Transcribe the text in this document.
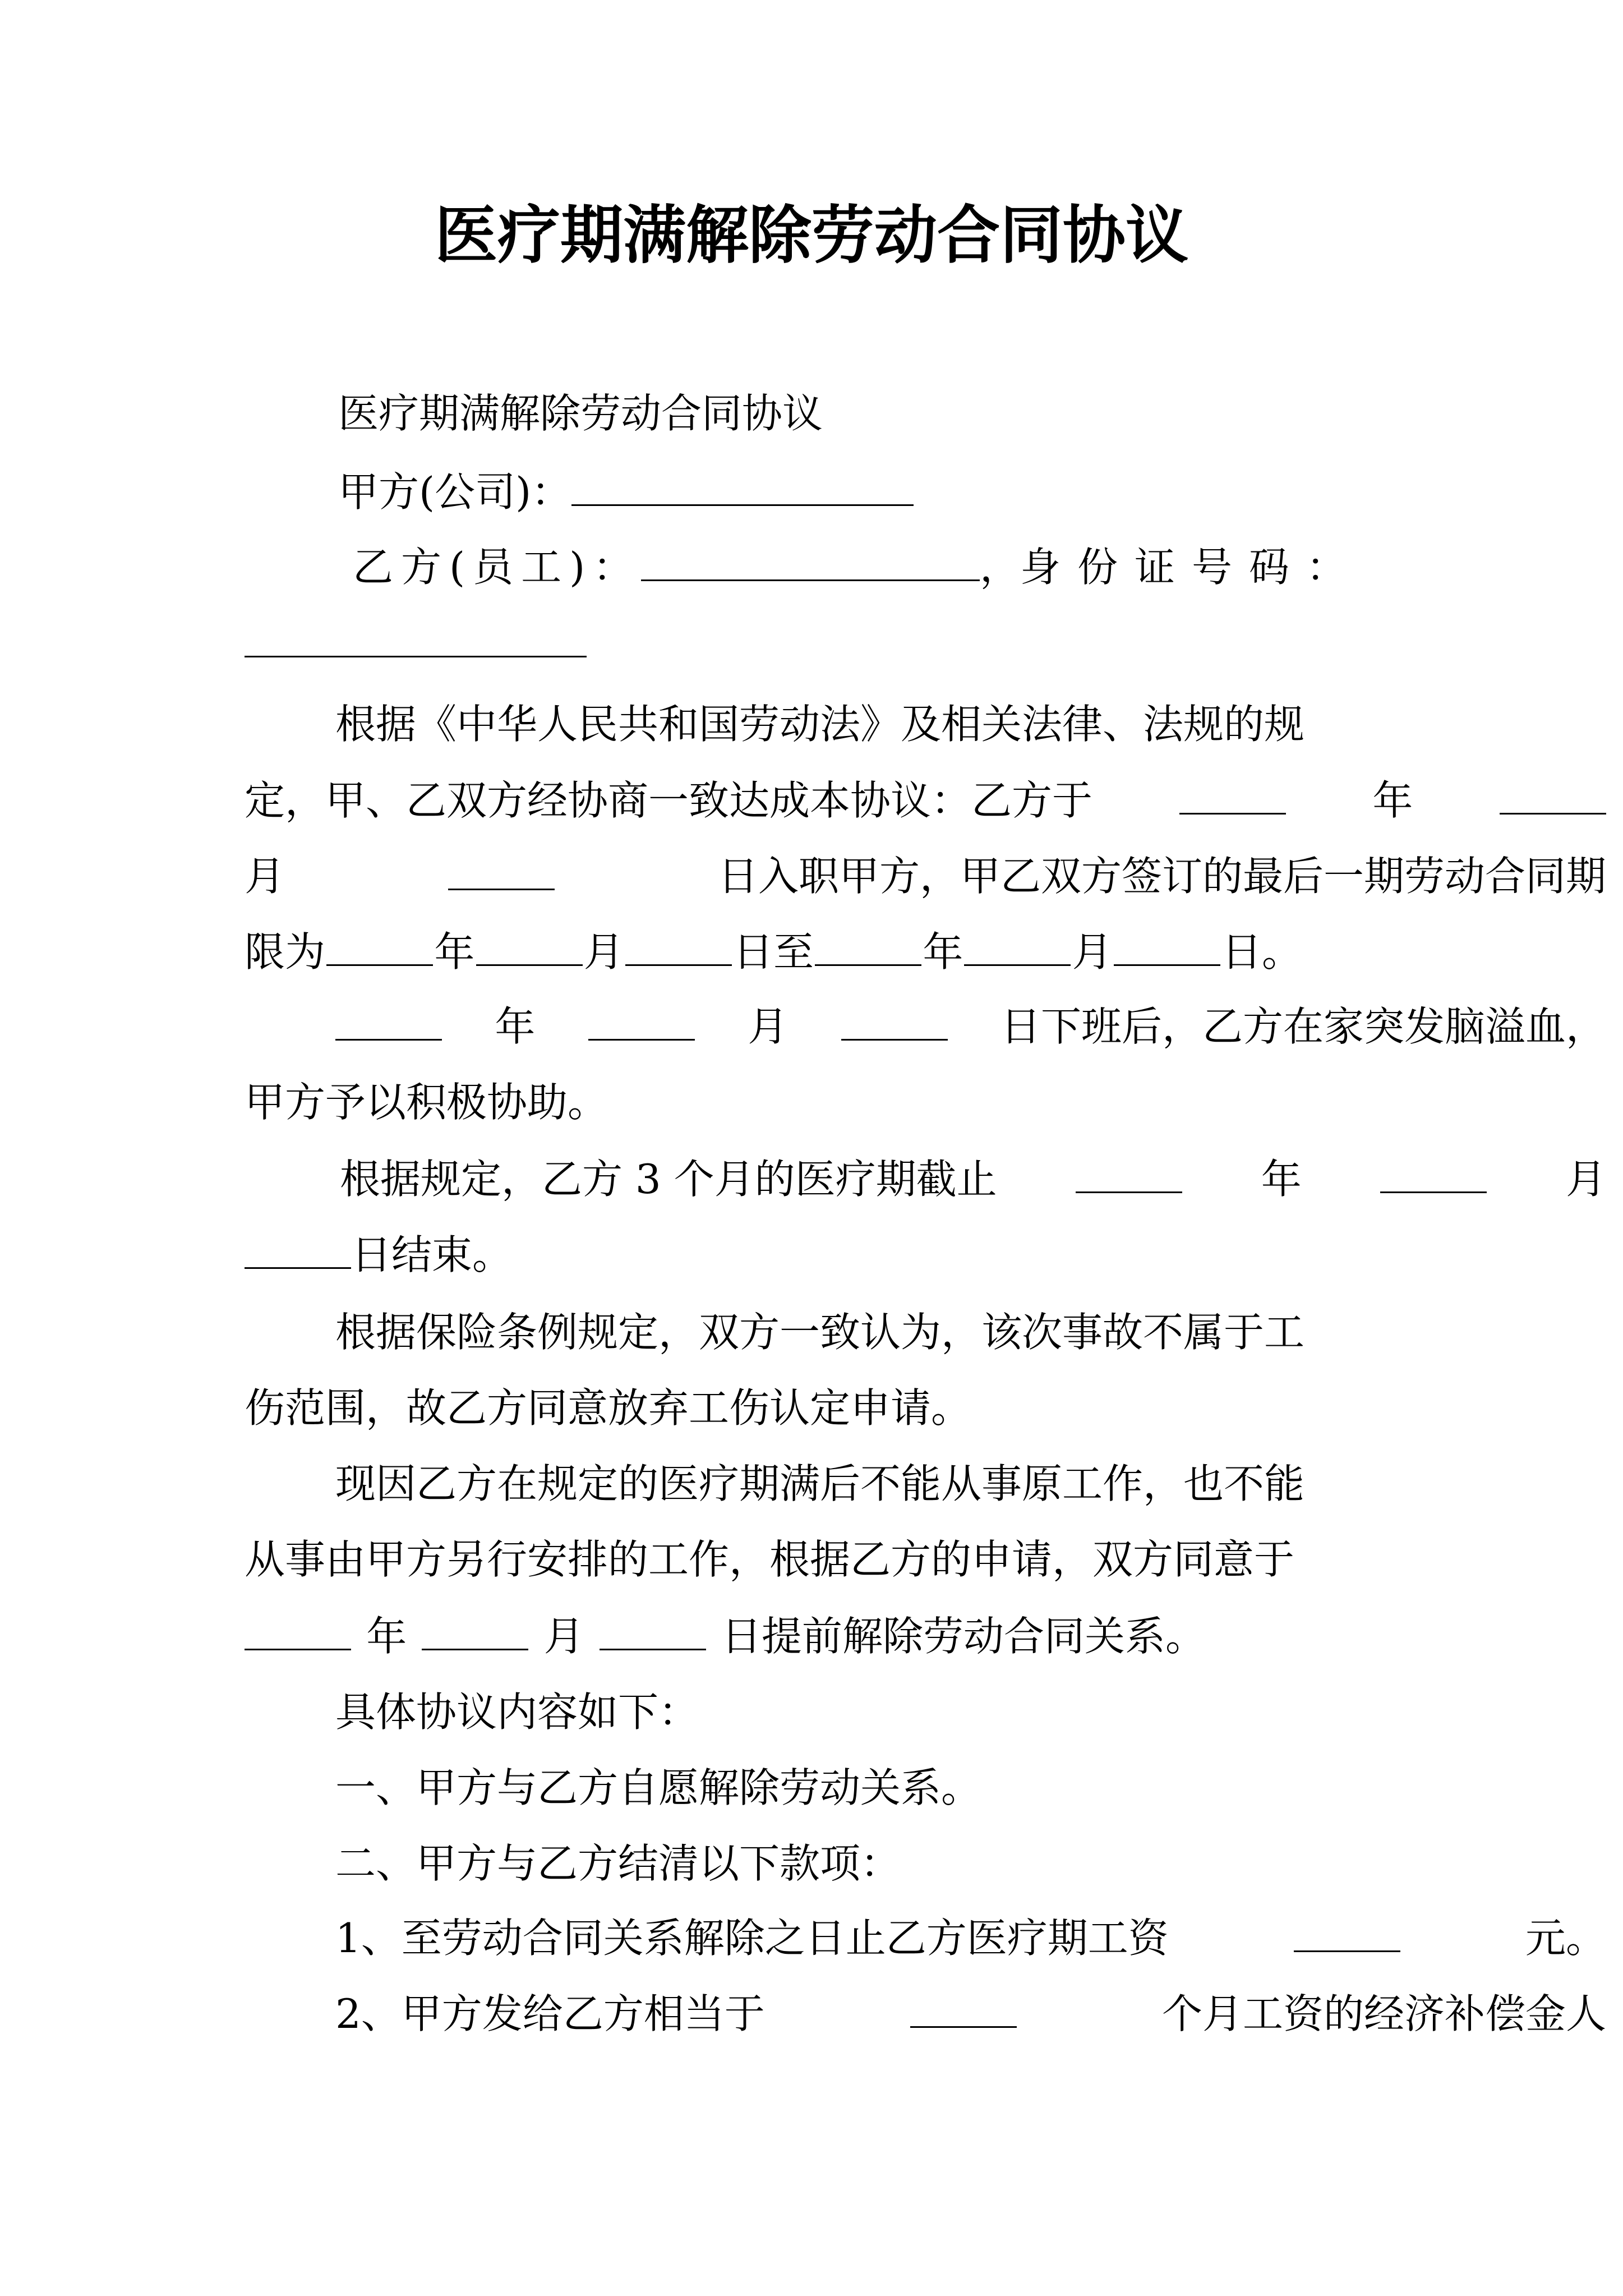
医疗期满解除劳动合同协议
医疗期满解除劳动合同协议
甲方(公司)：
乙方(员工)：	， 身份证号码：
根据《中华人民共和国劳动法》及相关法律、法规的规
定，甲、乙双方经协商一致达成本协议：乙方于	年
月	日入职甲方，甲乙双方签订的最后一期劳动合同期
限为	年	月	日至	年	月	日。
年	月	日下班后，乙方在家突发脑溢血，
甲方予以积极协助。
根据规定，乙方 3 个月的医疗期截止	年	月
日结束。
根据保险条例规定，双方一致认为，该次事故不属于工
伤范围，故乙方同意放弃工伤认定申请。
现因乙方在规定的医疗期满后不能从事原工作，也不能
从事由甲方另行安排的工作，根据乙方的申请，双方同意于
年	月	日提前解除劳动合同关系。
具体协议内容如下：
一、甲方与乙方自愿解除劳动关系。
二、甲方与乙方结清以下款项：
1、至劳动合同关系解除之日止乙方医疗期工资	元。
2、甲方发给乙方相当于	个月工资的经济补偿金人
